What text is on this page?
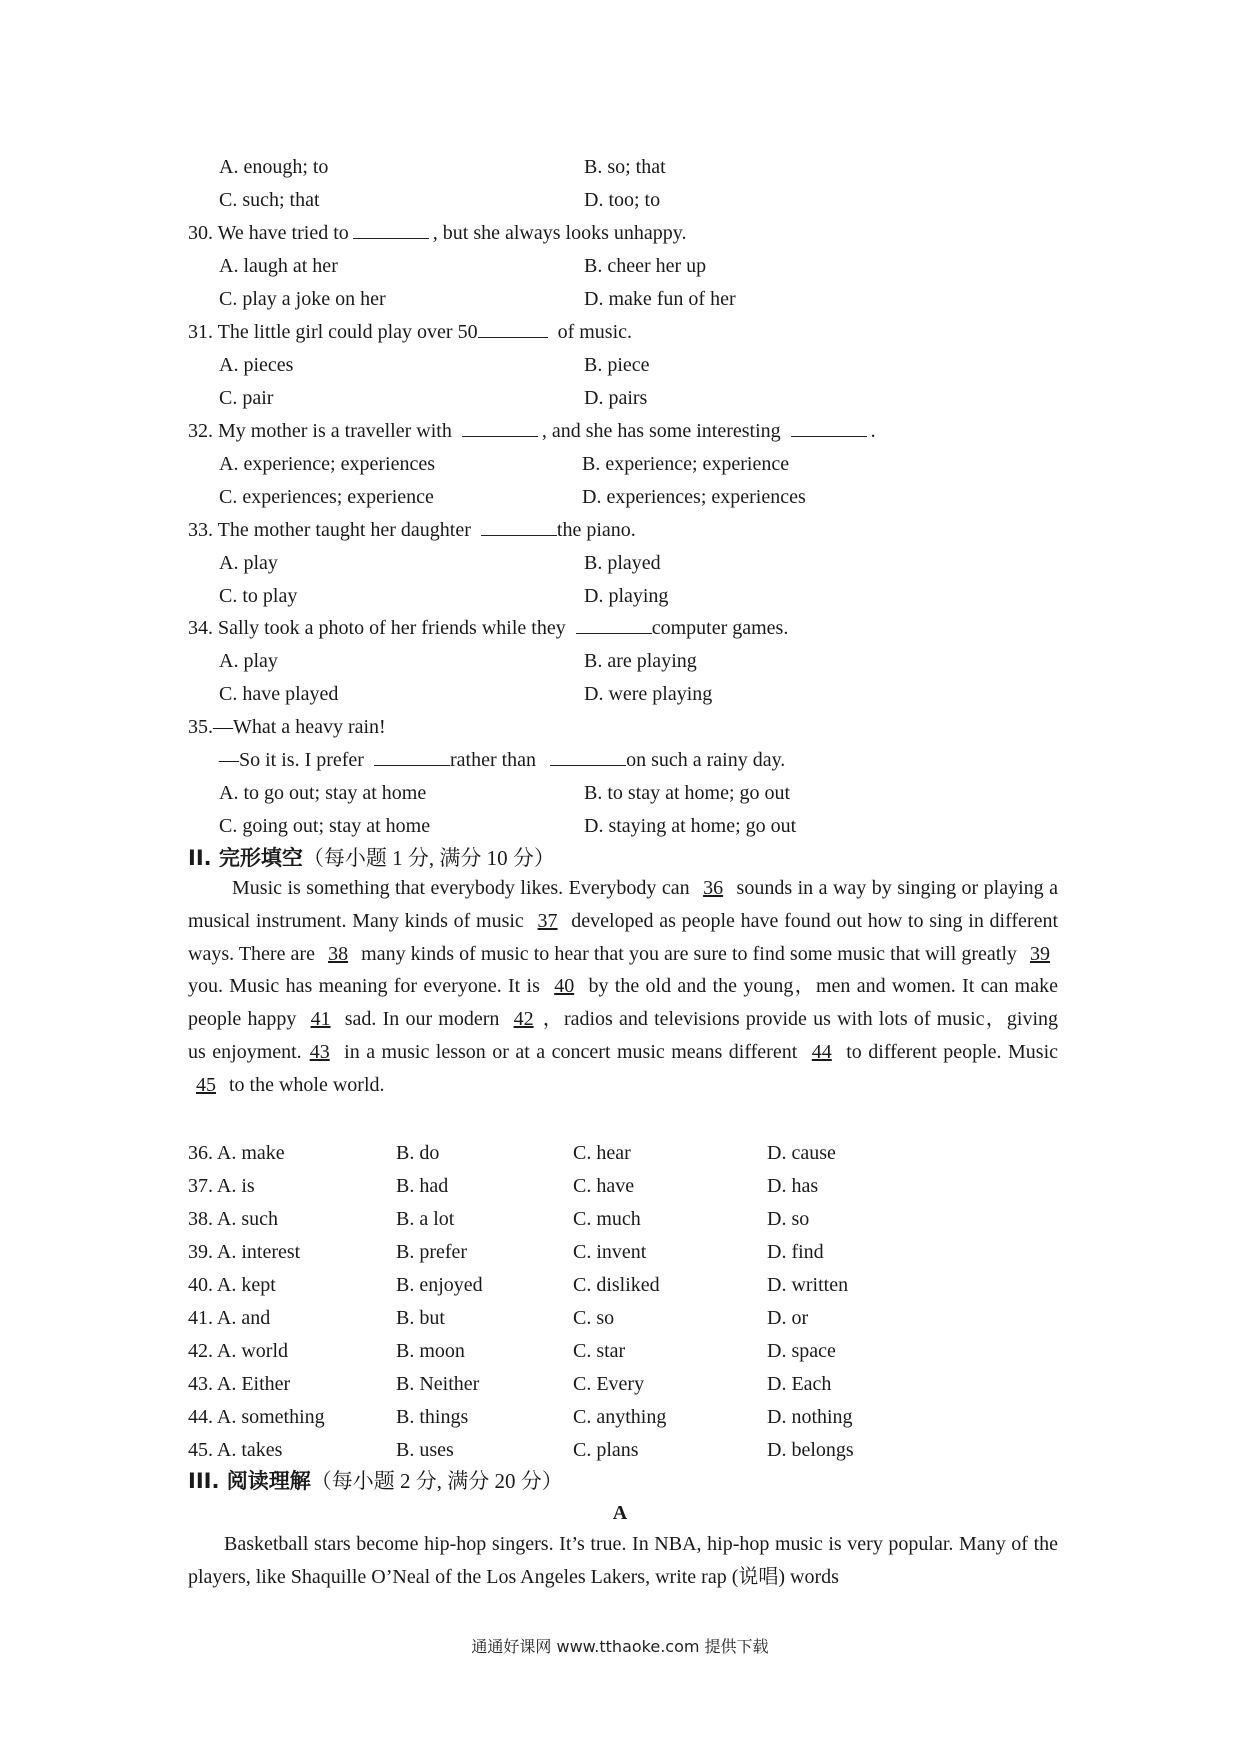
A. enough; to	B. so; that
C. such; that	D. too; to
30. We have tried to	, but she always looks unhappy.
A. laugh at her	B. cheer her up
C. play a joke on her	D. make fun of her
31. The little girl could play over 50	of music.
A. pieces	B. piece
C. pair	D. pairs
32. My mother is a traveller with	, and she has some interesting	.
A. experience; experiences	B. experience; experience
C. experiences; experience	D. experiences; experiences
33. The mother taught her daughter	the piano.
A. play	B. played
C. to play	D. playing
34. Sally took a photo of her friends while they	computer games.
A. play	B. are playing
C. have played	D. were playing
35.—What a heavy rain!
—So it is. I prefer	rather than	on such a rainy day.
A. to go out; stay at home	B. to stay at home; go out
C. going out; stay at home	D. staying at home; go out
II. 完形填空（每小题 1 分, 满分 10 分）
Music is something that everybody likes. Everybody can 36 sounds in a way by singing or playing a musical instrument. Many kinds of music 37 developed as people have found out how to sing in different ways. There are 38 many kinds of music to hear that you are sure to find some music that will greatly 39 you. Music has meaning for everyone. It is 40 by the old and the young，men and women. It can make people happy 41 sad. In our modern 42 ，radios and televisions provide us with lots of music，giving us enjoyment. 43 in a music lesson or at a concert music means different 44 to different people. Music 45 to the whole world.
36. A. make	B. do	C. hear	D. cause
37. A. is	B. had	C. have	D. has
38. A. such	B. a lot	C. much	D. so
39. A. interest	B. prefer	C. invent	D. find
40. A. kept	B. enjoyed	C. disliked	D. written
41. A. and	B. but	C. so	D. or
42. A. world	B. moon	C. star	D. space
43. A. Either	B. Neither	C. Every	D. Each
44. A. something	B. things	C. anything	D. nothing
45. A. takes	B. uses	C. plans	D. belongs
III. 阅读理解（每小题 2 分, 满分 20 分）
A
Basketball stars become hip-hop singers. It’s true. In NBA, hip-hop music is very popular. Many of the players, like Shaquille O’Neal of the Los Angeles Lakers, write rap (说唱) words
通通好课网 www.tthaoke.com 提供下载
